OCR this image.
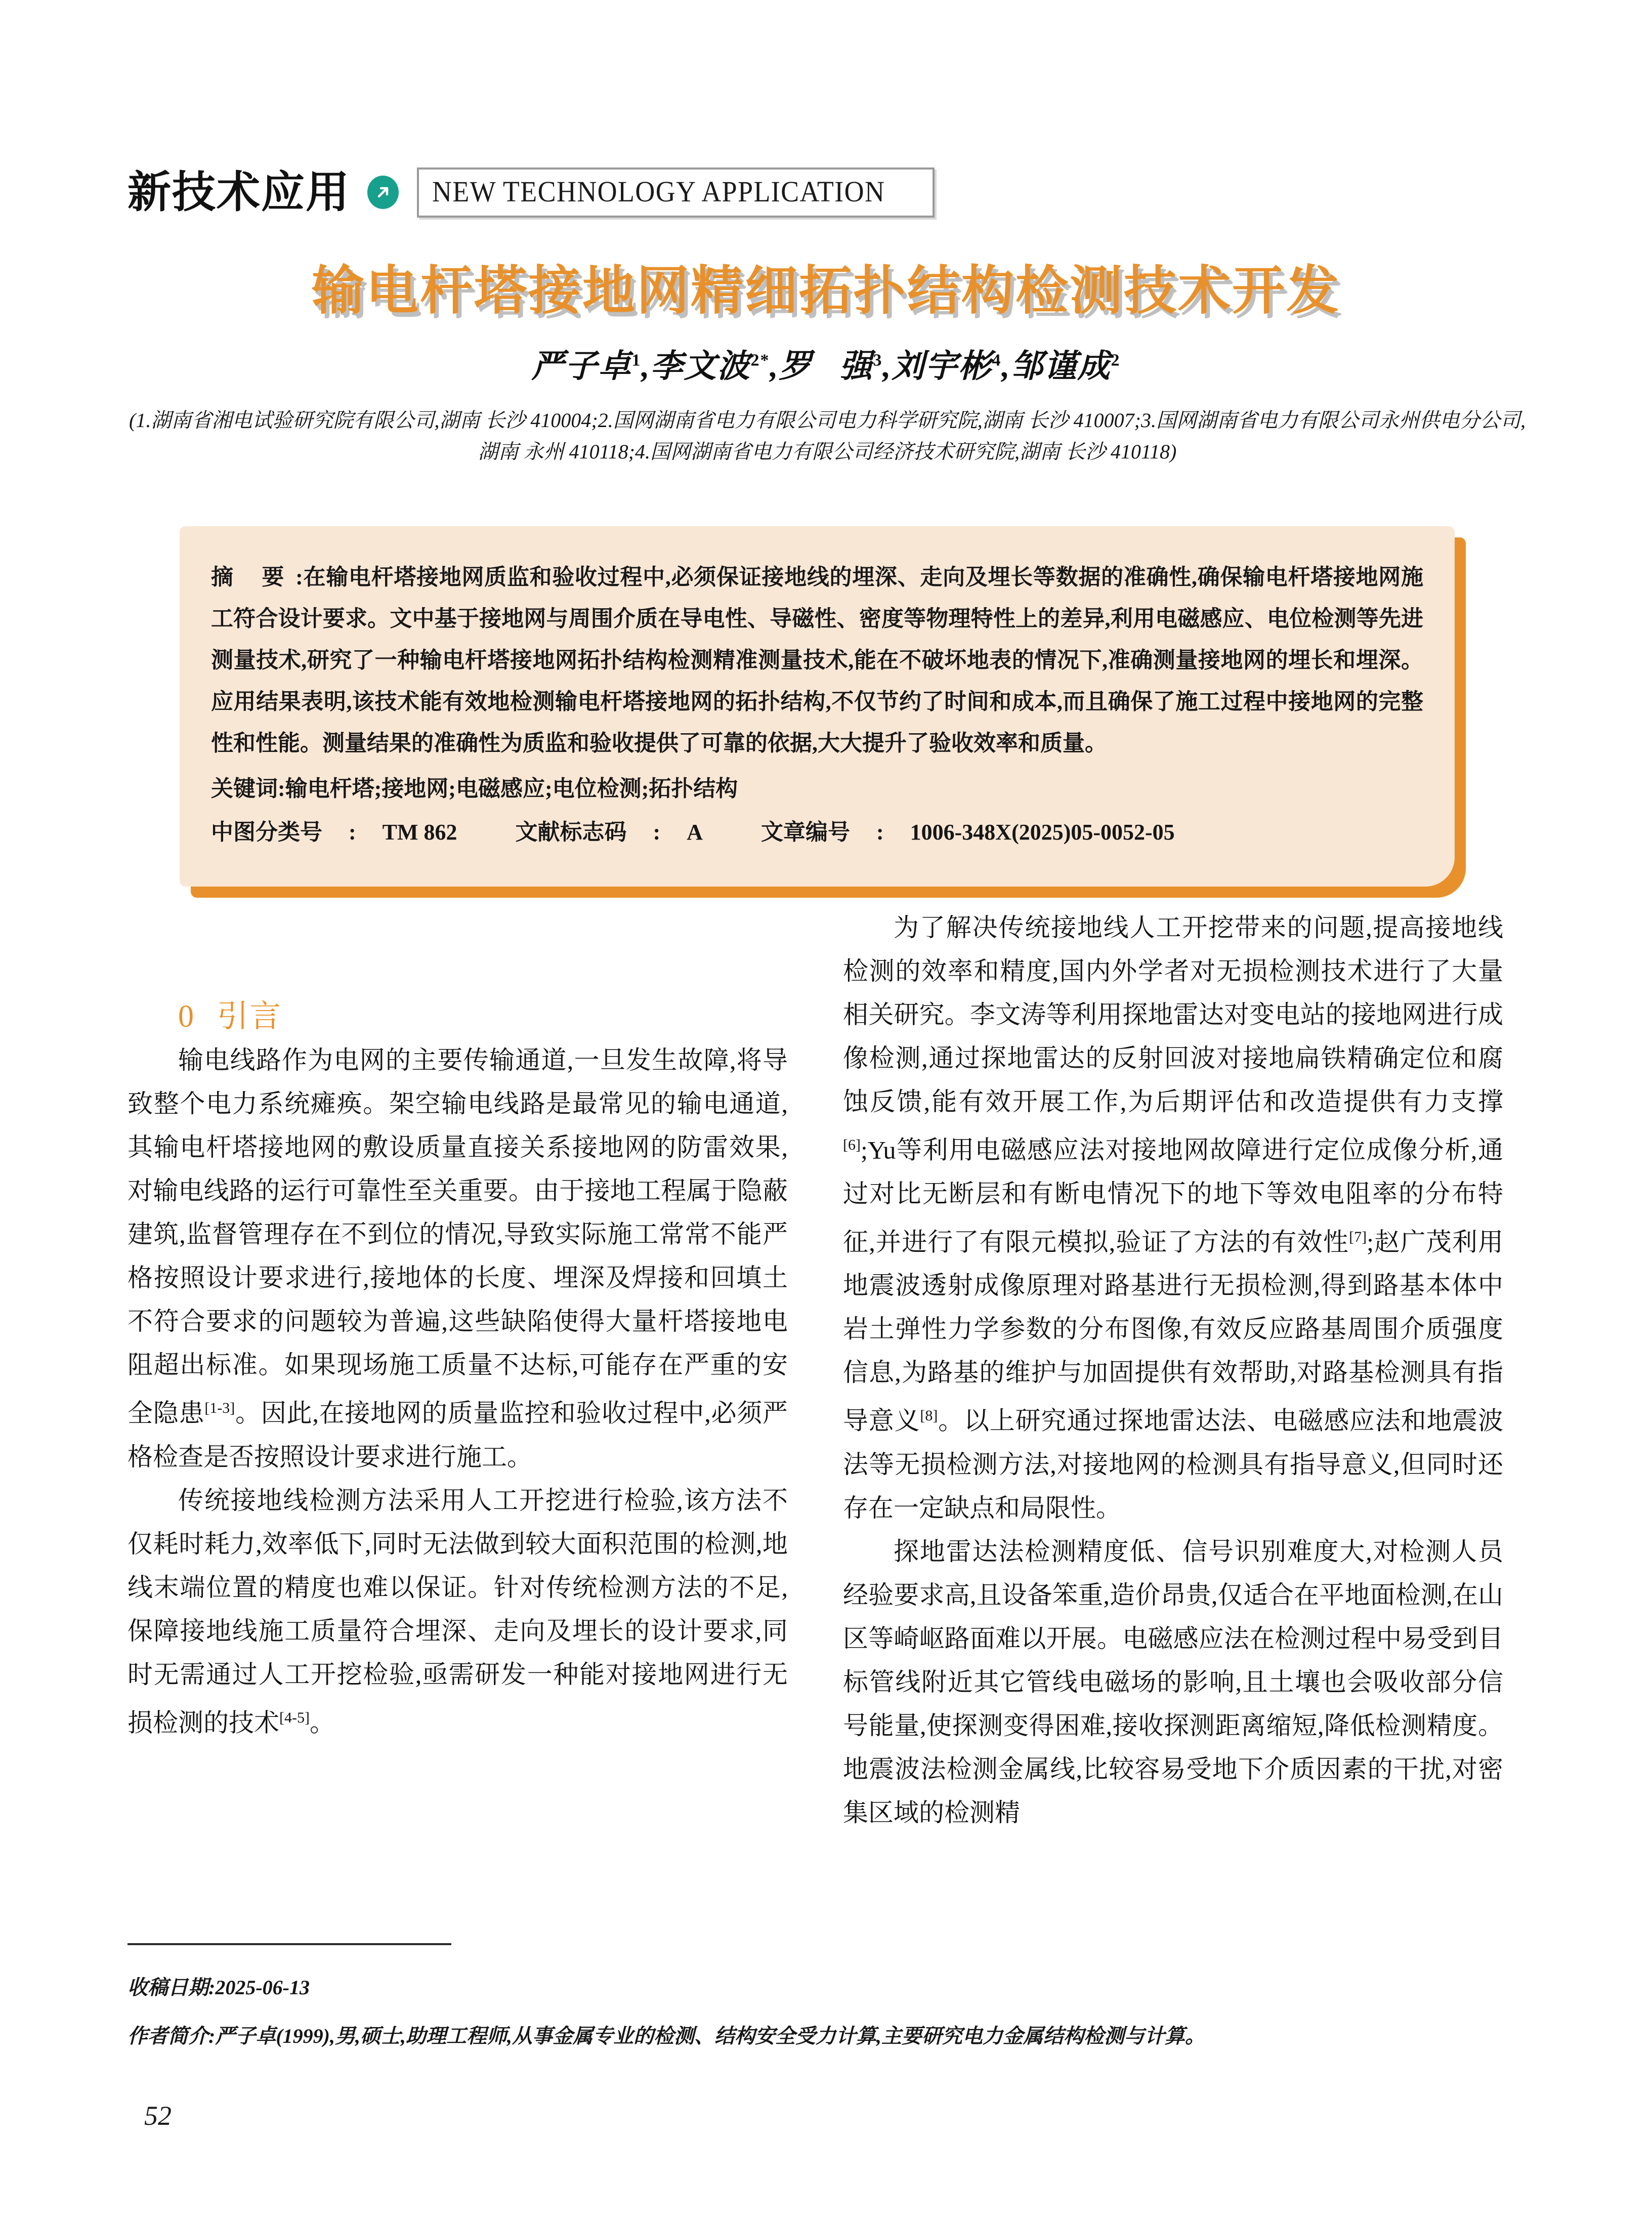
新技术应用	NEW TECHNOLOGY APPLICATION
输电杆塔接地网精细拓扑结构检测技术开发
严子卓$^1$,李文波$^{2*}$,罗   强$^3$,刘宇彬$^4$,邹谨成$^2$
(1.湖南省湘电试验研究院有限公司,湖南 长沙 410004;2.国网湖南省电力有限公司电力科学研究院,湖南 长沙 410007;3.国网湖南省电力有限公司永州供电分公司,湖南 永州 410118;4.国网湖南省电力有限公司经济技术研究院,湖南 长沙 410118)
摘 要:在输电杆塔接地网质监和验收过程中,必须保证接地线的埋深、走向及埋长等数据的准确性,确保输电杆塔接地网施工符合设计要求。文中基于接地网与周围介质在导电性、导磁性、密度等物理特性上的差异,利用电磁感应、电位检测等先进测量技术,研究了一种输电杆塔接地网拓扑结构检测精准测量技术,能在不破坏地表的情况下,准确测量接地网的埋长和埋深。应用结果表明,该技术能有效地检测输电杆塔接地网的拓扑结构,不仅节约了时间和成本,而且确保了施工过程中接地网的完整性和性能。测量结果的准确性为质监和验收提供了可靠的依据,大大提升了验收效率和质量。
关键词:输电杆塔;接地网;电磁感应;电位检测;拓扑结构
中图分类号 : TM 862	文献标志码 : A	文章编号 : 1006-348X(2025)05-0052-05

0 引言

输电线路作为电网的主要传输通道,一旦发生故障,将导致整个电力系统瘫痪。架空输电线路是最常见的输电通道,其输电杆塔接地网的敷设质量直接关系接地网的防雷效果,对输电线路的运行可靠性至关重要。由于接地工程属于隐蔽建筑,监督管理存在不到位的情况,导致实际施工常常不能严格按照设计要求进行,接地体的长度、埋深及焊接和回填土不符合要求的问题较为普遍,这些缺陷使得大量杆塔接地电阻超出标准。如果现场施工质量不达标,可能存在严重的安全隐患[1-3]。因此,在接地网的质量监控和验收过程中,必须严格检查是否按照设计要求进行施工。

传统接地线检测方法采用人工开挖进行检验,该方法不仅耗时耗力,效率低下,同时无法做到较大面积范围的检测,地线末端位置的精度也难以保证。针对传统检测方法的不足,保障接地线施工质量符合埋深、走向及埋长的设计要求,同时无需通过人工开挖检验,亟需研发一种能对接地网进行无损检测的技术[4-5]。

为了解决传统接地线人工开挖带来的问题,提高接地线检测的效率和精度,国内外学者对无损检测技术进行了大量相关研究。李文涛等利用探地雷达对变电站的接地网进行成像检测,通过探地雷达的反射回波对接地扁铁精确定位和腐蚀反馈,能有效开展工作,为后期评估和改造提供有力支撑[6];Yu等利用电磁感应法对接地网故障进行定位成像分析,通过对比无断层和有断电情况下的地下等效电阻率的分布特征,并进行了有限元模拟,验证了方法的有效性[7];赵广茂利用地震波透射成像原理对路基进行无损检测,得到路基本体中岩土弹性力学参数的分布图像,有效反应路基周围介质强度信息,为路基的维护与加固提供有效帮助,对路基检测具有指导意义[8]。以上研究通过探地雷达法、电磁感应法和地震波法等无损检测方法,对接地网的检测具有指导意义,但同时还存在一定缺点和局限性。

探地雷达法检测精度低、信号识别难度大,对检测人员经验要求高,且设备笨重,造价昂贵,仅适合在平地面检测,在山区等崎岖路面难以开展。电磁感应法在检测过程中易受到目标管线附近其它管线电磁场的影响,且土壤也会吸收部分信号能量,使探测变得困难,接收探测距离缩短,降低检测精度。地震波法检测金属线,比较容易受地下介质因素的干扰,对密集区域的检测精

收稿日期:2025-06-13
作者简介:严子卓(1999),男,硕士,助理工程师,从事金属专业的检测、结构安全受力计算,主要研究电力金属结构检测与计算。
52
